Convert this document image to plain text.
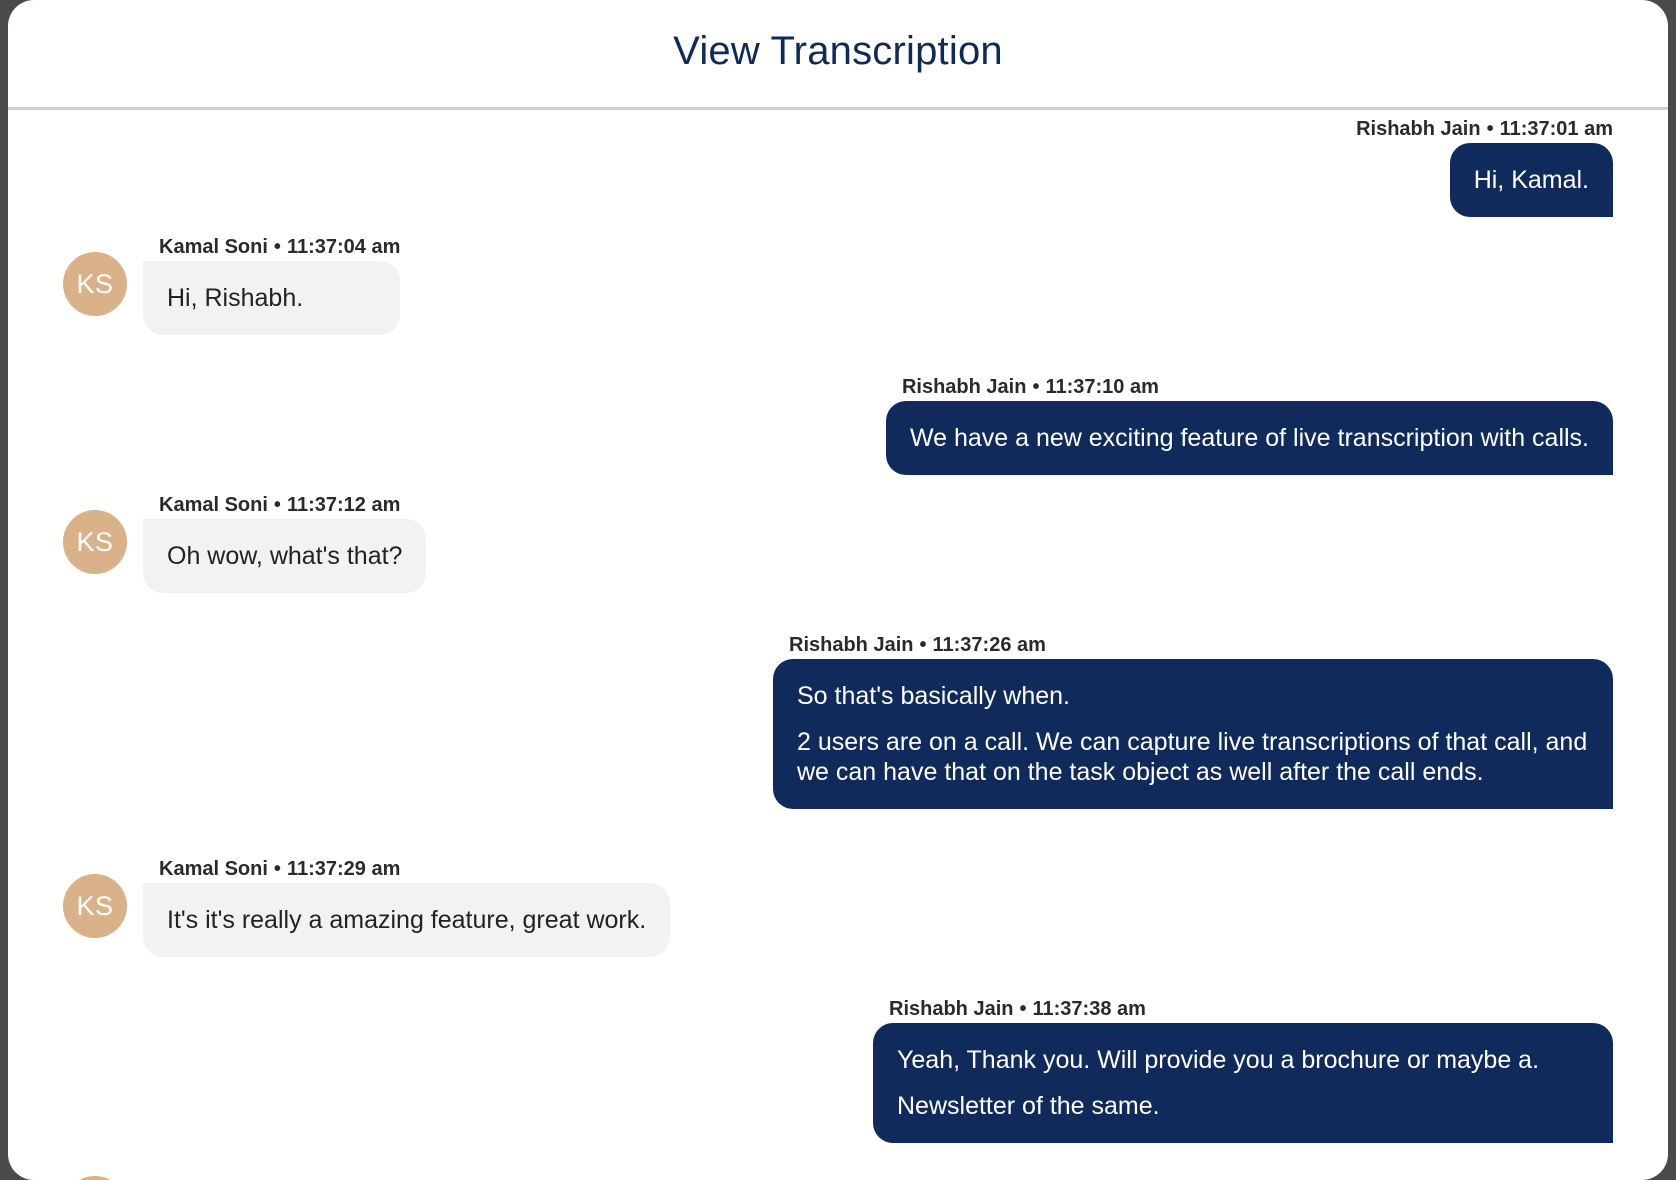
View Transcription
Rishabh Jain • 11:37:01 am

Hi, Kamal.

KS
Kamal Soni • 11:37:04 am

Hi, Rishabh.

Rishabh Jain • 11:37:10 am

We have a new exciting feature of live transcription with calls.

KS
Kamal Soni • 11:37:12 am

Oh wow, what's that?

Rishabh Jain • 11:37:26 am

So that's basically when.

2 users are on a call. We can capture live transcriptions of that call, and we can have that on the task object as well after the call ends.

KS
Kamal Soni • 11:37:29 am

It's it's really a amazing feature, great work.

Rishabh Jain • 11:37:38 am

Yeah, Thank you. Will provide you a brochure or maybe a.

Newsletter of the same.
